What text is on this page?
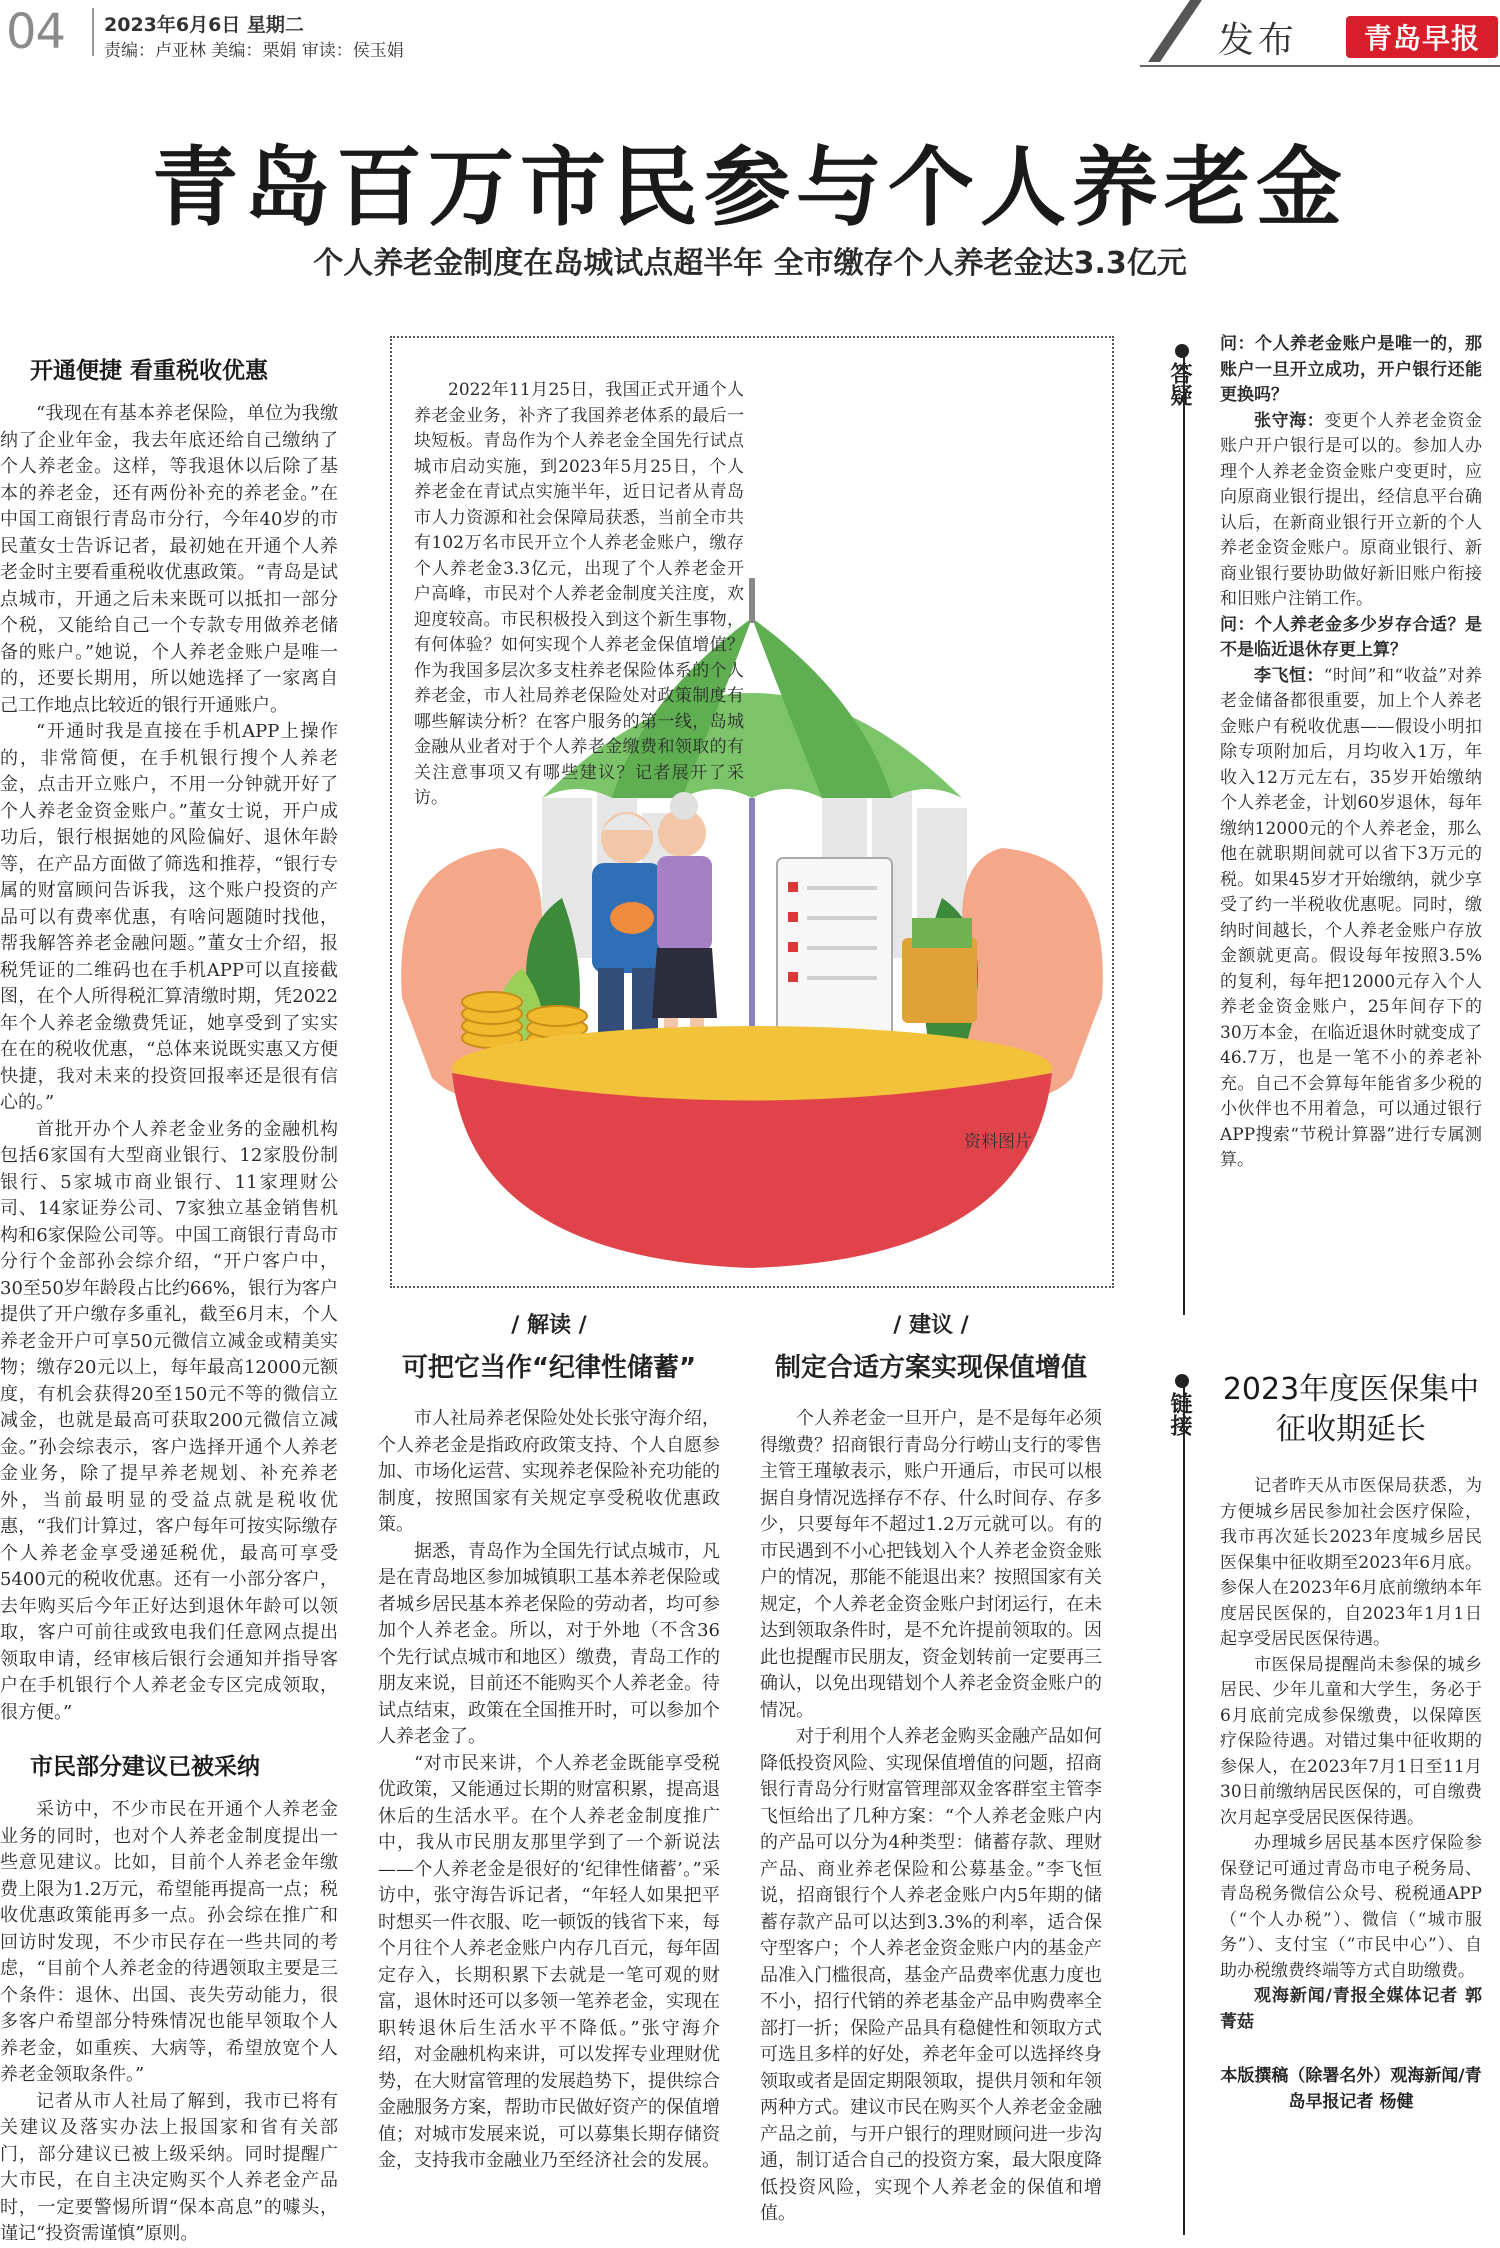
04 2023年6月6日 星期二
责编：卢亚林 美编：栗娟 审读：侯玉娟	发布 青岛早报
青岛百万市民参与个人养老金
个人养老金制度在岛城试点超半年 全市缴存个人养老金达3.3亿元
开通便捷 看重税收优惠

“我现在有基本养老保险，单位为我缴纳了企业年金，我去年底还给自己缴纳了个人养老金。这样，等我退休以后除了基本的养老金，还有两份补充的养老金。”在中国工商银行青岛市分行，今年40岁的市民董女士告诉记者，最初她在开通个人养老金时主要看重税收优惠政策。“青岛是试点城市，开通之后未来既可以抵扣一部分个税，又能给自己一个专款专用做养老储备的账户。”她说，个人养老金账户是唯一的，还要长期用，所以她选择了一家离自己工作地点比较近的银行开通账户。

“开通时我是直接在手机APP上操作的，非常简便，在手机银行搜个人养老金，点击开立账户，不用一分钟就开好了个人养老金资金账户。”董女士说，开户成功后，银行根据她的风险偏好、退休年龄等，在产品方面做了筛选和推荐，“银行专属的财富顾问告诉我，这个账户投资的产品可以有费率优惠，有啥问题随时找他，帮我解答养老金融问题。”董女士介绍，报税凭证的二维码也在手机APP可以直接截图，在个人所得税汇算清缴时期，凭2022年个人养老金缴费凭证，她享受到了实实在在的税收优惠，“总体来说既实惠又方便快捷，我对未来的投资回报率还是很有信心的。”

首批开办个人养老金业务的金融机构包括6家国有大型商业银行、12家股份制银行、5家城市商业银行、11家理财公司、14家证券公司、7家独立基金销售机构和6家保险公司等。中国工商银行青岛市分行个金部孙会综介绍，“开户客户中，30至50岁年龄段占比约66%，银行为客户提供了开户缴存多重礼，截至6月末，个人养老金开户可享50元微信立减金或精美实物；缴存20元以上，每年最高12000元额度，有机会获得20至150元不等的微信立减金，也就是最高可获取200元微信立减金。”孙会综表示，客户选择开通个人养老金业务，除了提早养老规划、补充养老外，当前最明显的受益点就是税收优惠，“我们计算过，客户每年可按实际缴存个人养老金享受递延税优，最高可享受5400元的税收优惠。还有一小部分客户，去年购买后今年正好达到退休年龄可以领取，客户可前往或致电我们任意网点提出领取申请，经审核后银行会通知并指导客户在手机银行个人养老金专区完成领取，很方便。”

市民部分建议已被采纳

采访中，不少市民在开通个人养老金业务的同时，也对个人养老金制度提出一些意见建议。比如，目前个人养老金年缴费上限为1.2万元，希望能再提高一点；税收优惠政策能再多一点。孙会综在推广和回访时发现，不少市民存在一些共同的考虑，“目前个人养老金的待遇领取主要是三个条件：退休、出国、丧失劳动能力，很多客户希望部分特殊情况也能早领取个人养老金，如重疾、大病等，希望放宽个人养老金领取条件。”

记者从市人社局了解到，我市已将有关建议及落实办法上报国家和省有关部门，部分建议已被上级采纳。同时提醒广大市民，在自主决定购买个人养老金产品时，一定要警惕所谓“保本高息”的噱头，谨记“投资需谨慎”原则。

2022年11月25日，我国正式开通个人养老金业务，补齐了我国养老体系的最后一块短板。青岛作为个人养老金全国先行试点城市启动实施，到2023年5月25日，个人养老金在青试点实施半年，近日记者从青岛市人力资源和社会保障局获悉，当前全市共有102万名市民开立个人养老金账户，缴存个人养老金3.3亿元，出现了个人养老金开户高峰，市民对个人养老金制度关注度，欢迎度较高。市民积极投入到这个新生事物，有何体验？如何实现个人养老金保值增值？作为我国多层次多支柱养老保险体系的个人养老金，市人社局养老保险处对政策制度有哪些解读分析？在客户服务的第一线，岛城金融从业者对于个人养老金缴费和领取的有关注意事项又有哪些建议？记者展开了采访。

资料图片
/ 解读 /
可把它当作“纪律性储蓄”

市人社局养老保险处处长张守海介绍，个人养老金是指政府政策支持、个人自愿参加、市场化运营、实现养老保险补充功能的制度，按照国家有关规定享受税收优惠政策。

据悉，青岛作为全国先行试点城市，凡是在青岛地区参加城镇职工基本养老保险或者城乡居民基本养老保险的劳动者，均可参加个人养老金。所以，对于外地（不含36个先行试点城市和地区）缴费，青岛工作的朋友来说，目前还不能购买个人养老金。待试点结束，政策在全国推开时，可以参加个人养老金了。

“对市民来讲，个人养老金既能享受税优政策，又能通过长期的财富积累，提高退休后的生活水平。在个人养老金制度推广中，我从市民朋友那里学到了一个新说法——个人养老金是很好的‘纪律性储蓄’。”采访中，张守海告诉记者，“年轻人如果把平时想买一件衣服、吃一顿饭的钱省下来，每个月往个人养老金账户内存几百元，每年固定存入，长期积累下去就是一笔可观的财富，退休时还可以多领一笔养老金，实现在职转退休后生活水平不降低。”张守海介绍，对金融机构来讲，可以发挥专业理财优势，在大财富管理的发展趋势下，提供综合金融服务方案，帮助市民做好资产的保值增值；对城市发展来说，可以募集长期存储资金，支持我市金融业乃至经济社会的发展。

/ 建议 /
制定合适方案实现保值增值

个人养老金一旦开户，是不是每年必须得缴费？招商银行青岛分行崂山支行的零售主管王瑾敏表示，账户开通后，市民可以根据自身情况选择存不存、什么时间存、存多少，只要每年不超过1.2万元就可以。有的市民遇到不小心把钱划入个人养老金资金账户的情况，那能不能退出来？按照国家有关规定，个人养老金资金账户封闭运行，在未达到领取条件时，是不允许提前领取的。因此也提醒市民朋友，资金划转前一定要再三确认，以免出现错划个人养老金资金账户的情况。

对于利用个人养老金购买金融产品如何降低投资风险、实现保值增值的问题，招商银行青岛分行财富管理部双金客群室主管李飞恒给出了几种方案：“个人养老金账户内的产品可以分为4种类型：储蓄存款、理财产品、商业养老保险和公募基金。”李飞恒说，招商银行个人养老金账户内5年期的储蓄存款产品可以达到3.3%的利率，适合保守型客户；个人养老金资金账户内的基金产品准入门槛很高，基金产品费率优惠力度也不小，招行代销的养老基金产品申购费率全部打一折；保险产品具有稳健性和领取方式可选且多样的好处，养老年金可以选择终身领取或者是固定期限领取，提供月领和年领两种方式。建议市民在购买个人养老金金融产品之前，与开户银行的理财顾问进一步沟通，制订适合自己的投资方案，最大限度降低投资风险，实现个人养老金的保值和增值。

答疑

问：个人养老金账户是唯一的，那账户一旦开立成功，开户银行还能更换吗？

张守海：变更个人养老金资金账户开户银行是可以的。参加人办理个人养老金资金账户变更时，应向原商业银行提出，经信息平台确认后，在新商业银行开立新的个人养老金资金账户。原商业银行、新商业银行要协助做好新旧账户衔接和旧账户注销工作。

问：个人养老金多少岁存合适？是不是临近退休存更上算？

李飞恒：“时间”和“收益”对养老金储备都很重要，加上个人养老金账户有税收优惠——假设小明扣除专项附加后，月均收入1万，年收入12万元左右，35岁开始缴纳个人养老金，计划60岁退休，每年缴纳12000元的个人养老金，那么他在就职期间就可以省下3万元的税。如果45岁才开始缴纳，就少享受了约一半税收优惠呢。同时，缴纳时间越长，个人养老金账户存放金额就更高。假设每年按照3.5%的复利，每年把12000元存入个人养老金资金账户，25年间存下的30万本金，在临近退休时就变成了46.7万，也是一笔不小的养老补充。自己不会算每年能省多少税的小伙伴也不用着急，可以通过银行APP搜索“节税计算器”进行专属测算。

链接
2023年度医保集中征收期延长

记者昨天从市医保局获悉，为方便城乡居民参加社会医疗保险，我市再次延长2023年度城乡居民医保集中征收期至2023年6月底。参保人在2023年6月底前缴纳本年度居民医保的，自2023年1月1日起享受居民医保待遇。

市医保局提醒尚未参保的城乡居民、少年儿童和大学生，务必于6月底前完成参保缴费，以保障医疗保险待遇。对错过集中征收期的参保人，在2023年7月1日至11月30日前缴纳居民医保的，可自缴费次月起享受居民医保待遇。

办理城乡居民基本医疗保险参保登记可通过青岛市电子税务局、青岛税务微信公众号、税税通APP（“个人办税”）、微信（“城市服务”）、支付宝（“市民中心”）、自助办税缴费终端等方式自助缴费。

观海新闻/青报全媒体记者 郭菁菇

本版撰稿（除署名外）观海新闻/青岛早报记者 杨健
